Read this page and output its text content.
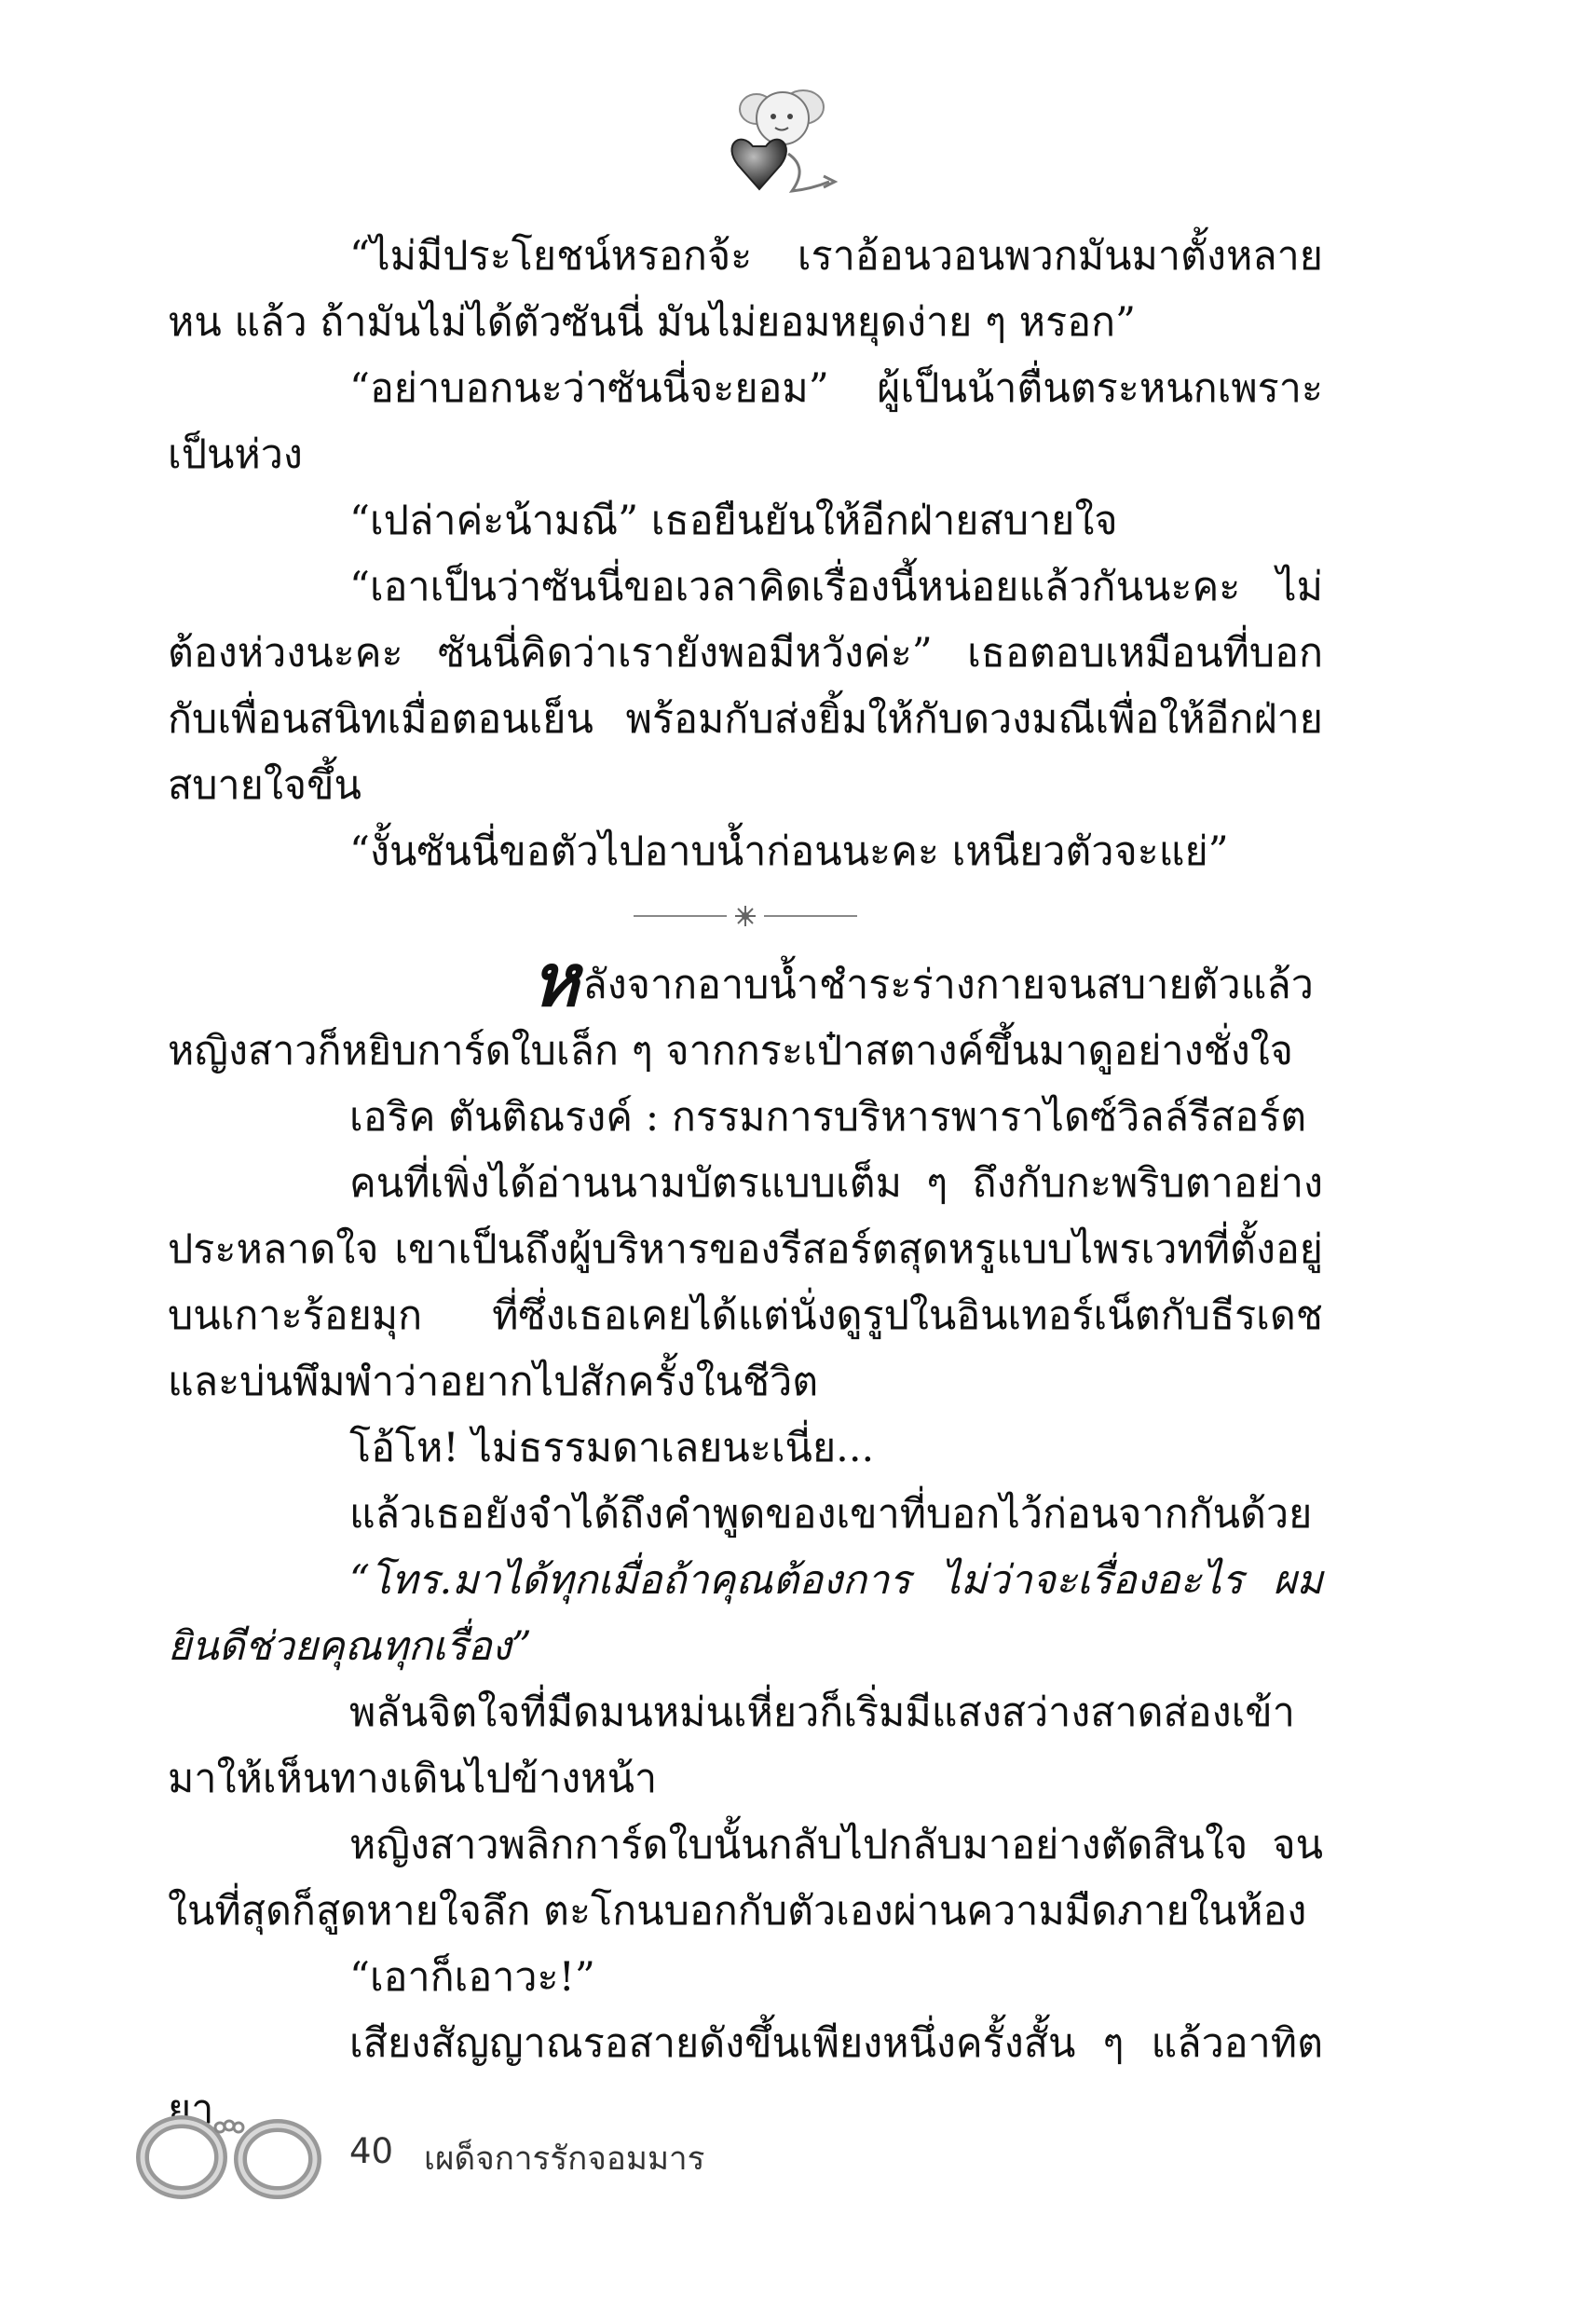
“ไม่มีประโยชน์หรอกจ้ะ เราอ้อนวอนพวกมันมาตั้งหลายหน แล้ว ถ้ามันไม่ได้ตัวซันนี่ มันไม่ยอมหยุดง่าย ๆ หรอก”

“อย่าบอกนะว่าซันนี่จะยอม” ผู้เป็นน้าตื่นตระหนกเพราะเป็นห่วง

“เปล่าค่ะน้ามณี” เธอยืนยันให้อีกฝ่ายสบายใจ

“เอาเป็นว่าซันนี่ขอเวลาคิดเรื่องนี้หน่อยแล้วกันนะคะ ไม่ต้องห่วงนะคะ ซันนี่คิดว่าเรายังพอมีหวังค่ะ” เธอตอบเหมือนที่บอกกับเพื่อนสนิทเมื่อตอนเย็น พร้อมกับส่งยิ้มให้กับดวงมณีเพื่อให้อีกฝ่ายสบายใจขึ้น

“งั้นซันนี่ขอตัวไปอาบน้ำก่อนนะคะ เหนียวตัวจะแย่”

หลังจากอาบน้ำชำระร่างกายจนสบายตัวแล้ว หญิงสาวก็หยิบการ์ดใบเล็ก ๆ จากกระเป๋าสตางค์ขึ้นมาดูอย่างชั่งใจ

เอริค ตันติณรงค์ : กรรมการบริหารพาราไดซ์วิลล์รีสอร์ต

คนที่เพิ่งได้อ่านนามบัตรแบบเต็ม ๆ ถึงกับกะพริบตาอย่างประหลาดใจ เขาเป็นถึงผู้บริหารของรีสอร์ตสุดหรูแบบไพรเวทที่ตั้งอยู่บนเกาะร้อยมุก ที่ซึ่งเธอเคยได้แต่นั่งดูรูปในอินเทอร์เน็ตกับธีรเดชและบ่นพึมพำว่าอยากไปสักครั้งในชีวิต

โอ้โห! ไม่ธรรมดาเลยนะเนี่ย...

แล้วเธอยังจำได้ถึงคำพูดของเขาที่บอกไว้ก่อนจากกันด้วย

“โทร.มาได้ทุกเมื่อถ้าคุณต้องการ ไม่ว่าจะเรื่องอะไร ผมยินดีช่วยคุณทุกเรื่อง”

พลันจิตใจที่มืดมนหม่นเหี่ยวก็เริ่มมีแสงสว่างสาดส่องเข้ามาให้เห็นทางเดินไปข้างหน้า

หญิงสาวพลิกการ์ดใบนั้นกลับไปกลับมาอย่างตัดสินใจ จนในที่สุดก็สูดหายใจลึก ตะโกนบอกกับตัวเองผ่านความมืดภายในห้อง

“เอาก็เอาวะ!”

เสียงสัญญาณรอสายดังขึ้นเพียงหนึ่งครั้งสั้น ๆ แล้วอาทิตยา

40 เผด็จการรักจอมมาร
